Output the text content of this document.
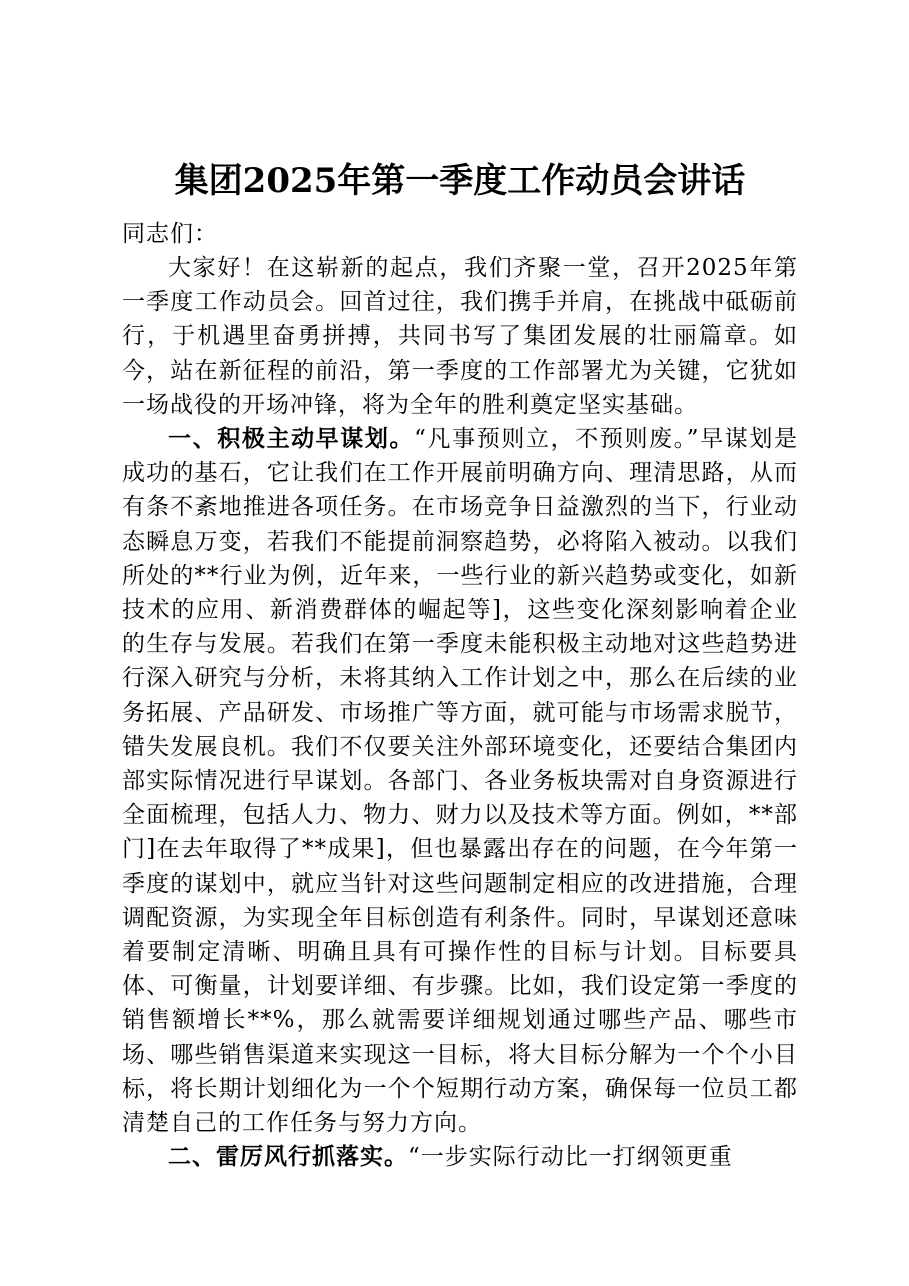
集团2025年第一季度工作动员会讲话

同志们：

大家好！在这崭新的起点，我们齐聚一堂，召开2025年第一季度工作动员会。回首过往，我们携手并肩，在挑战中砥砺前行，于机遇里奋勇拼搏，共同书写了集团发展的壮丽篇章。如今，站在新征程的前沿，第一季度的工作部署尤为关键，它犹如一场战役的开场冲锋，将为全年的胜利奠定坚实基础。

一、积极主动早谋划。“凡事预则立，不预则废。”早谋划是成功的基石，它让我们在工作开展前明确方向、理清思路，从而有条不紊地推进各项任务。在市场竞争日益激烈的当下，行业动态瞬息万变，若我们不能提前洞察趋势，必将陷入被动。以我们所处的**行业为例，近年来，一些行业的新兴趋势或变化，如新技术的应用、新消费群体的崛起等]，这些变化深刻影响着企业的生存与发展。若我们在第一季度未能积极主动地对这些趋势进行深入研究与分析，未将其纳入工作计划之中，那么在后续的业务拓展、产品研发、市场推广等方面，就可能与市场需求脱节，错失发展良机。我们不仅要关注外部环境变化，还要结合集团内部实际情况进行早谋划。各部门、各业务板块需对自身资源进行全面梳理，包括人力、物力、财力以及技术等方面。例如，**部门]在去年取得了**成果]，但也暴露出存在的问题，在今年第一季度的谋划中，就应当针对这些问题制定相应的改进措施，合理调配资源，为实现全年目标创造有利条件。同时，早谋划还意味着要制定清晰、明确且具有可操作性的目标与计划。目标要具体、可衡量，计划要详细、有步骤。比如，我们设定第一季度的销售额增长**%，那么就需要详细规划通过哪些产品、哪些市场、哪些销售渠道来实现这一目标，将大目标分解为一个个小目标，将长期计划细化为一个个短期行动方案，确保每一位员工都清楚自己的工作任务与努力方向。

二、雷厉风行抓落实。“一步实际行动比一打纲领更重
